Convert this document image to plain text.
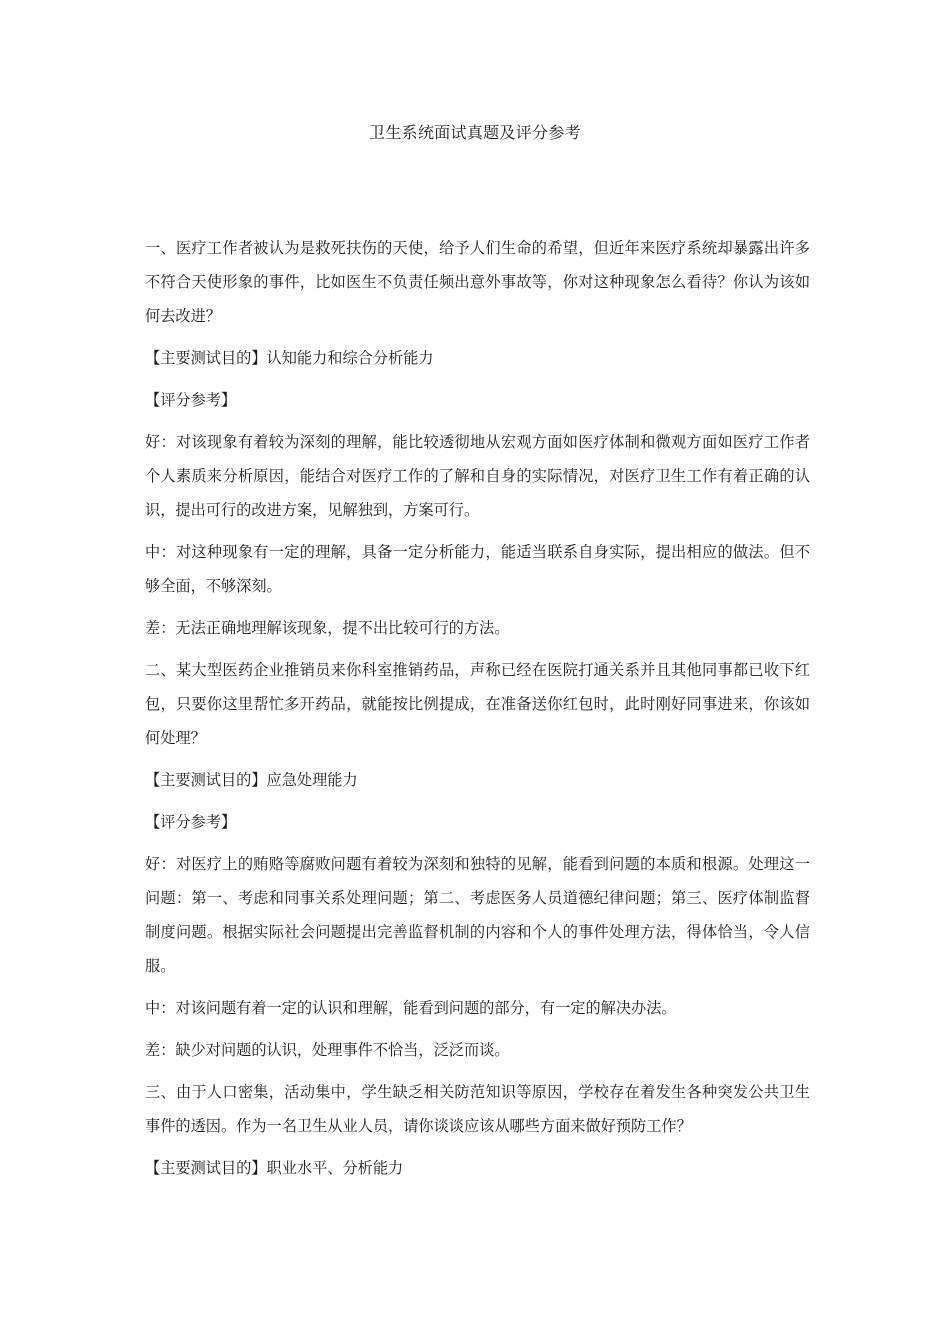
卫生系统面试真题及评分参考

一、医疗工作者被认为是救死扶伤的天使，给予人们生命的希望，但近年来医疗系统却暴露出许多不符合天使形象的事件，比如医生不负责任频出意外事故等，你对这种现象怎么看待？你认为该如何去改进？

【主要测试目的】认知能力和综合分析能力

【评分参考】

好：对该现象有着较为深刻的理解，能比较透彻地从宏观方面如医疗体制和微观方面如医疗工作者个人素质来分析原因，能结合对医疗工作的了解和自身的实际情况，对医疗卫生工作有着正确的认识，提出可行的改进方案，见解独到，方案可行。

中：对这种现象有一定的理解，具备一定分析能力，能适当联系自身实际，提出相应的做法。但不够全面，不够深刻。

差：无法正确地理解该现象，提不出比较可行的方法。

二、某大型医药企业推销员来你科室推销药品，声称已经在医院打通关系并且其他同事都已收下红包，只要你这里帮忙多开药品，就能按比例提成，在准备送你红包时，此时刚好同事进来，你该如何处理？

【主要测试目的】应急处理能力

【评分参考】

好：对医疗上的贿赂等腐败问题有着较为深刻和独特的见解，能看到问题的本质和根源。处理这一问题：第一、考虑和同事关系处理问题；第二、考虑医务人员道德纪律问题；第三、医疗体制监督制度问题。根据实际社会问题提出完善监督机制的内容和个人的事件处理方法，得体恰当，令人信服。

中：对该问题有着一定的认识和理解，能看到问题的部分，有一定的解决办法。

差：缺少对问题的认识，处理事件不恰当，泛泛而谈。

三、由于人口密集，活动集中，学生缺乏相关防范知识等原因，学校存在着发生各种突发公共卫生事件的透因。作为一名卫生从业人员，请你谈谈应该从哪些方面来做好预防工作？

【主要测试目的】职业水平、分析能力
